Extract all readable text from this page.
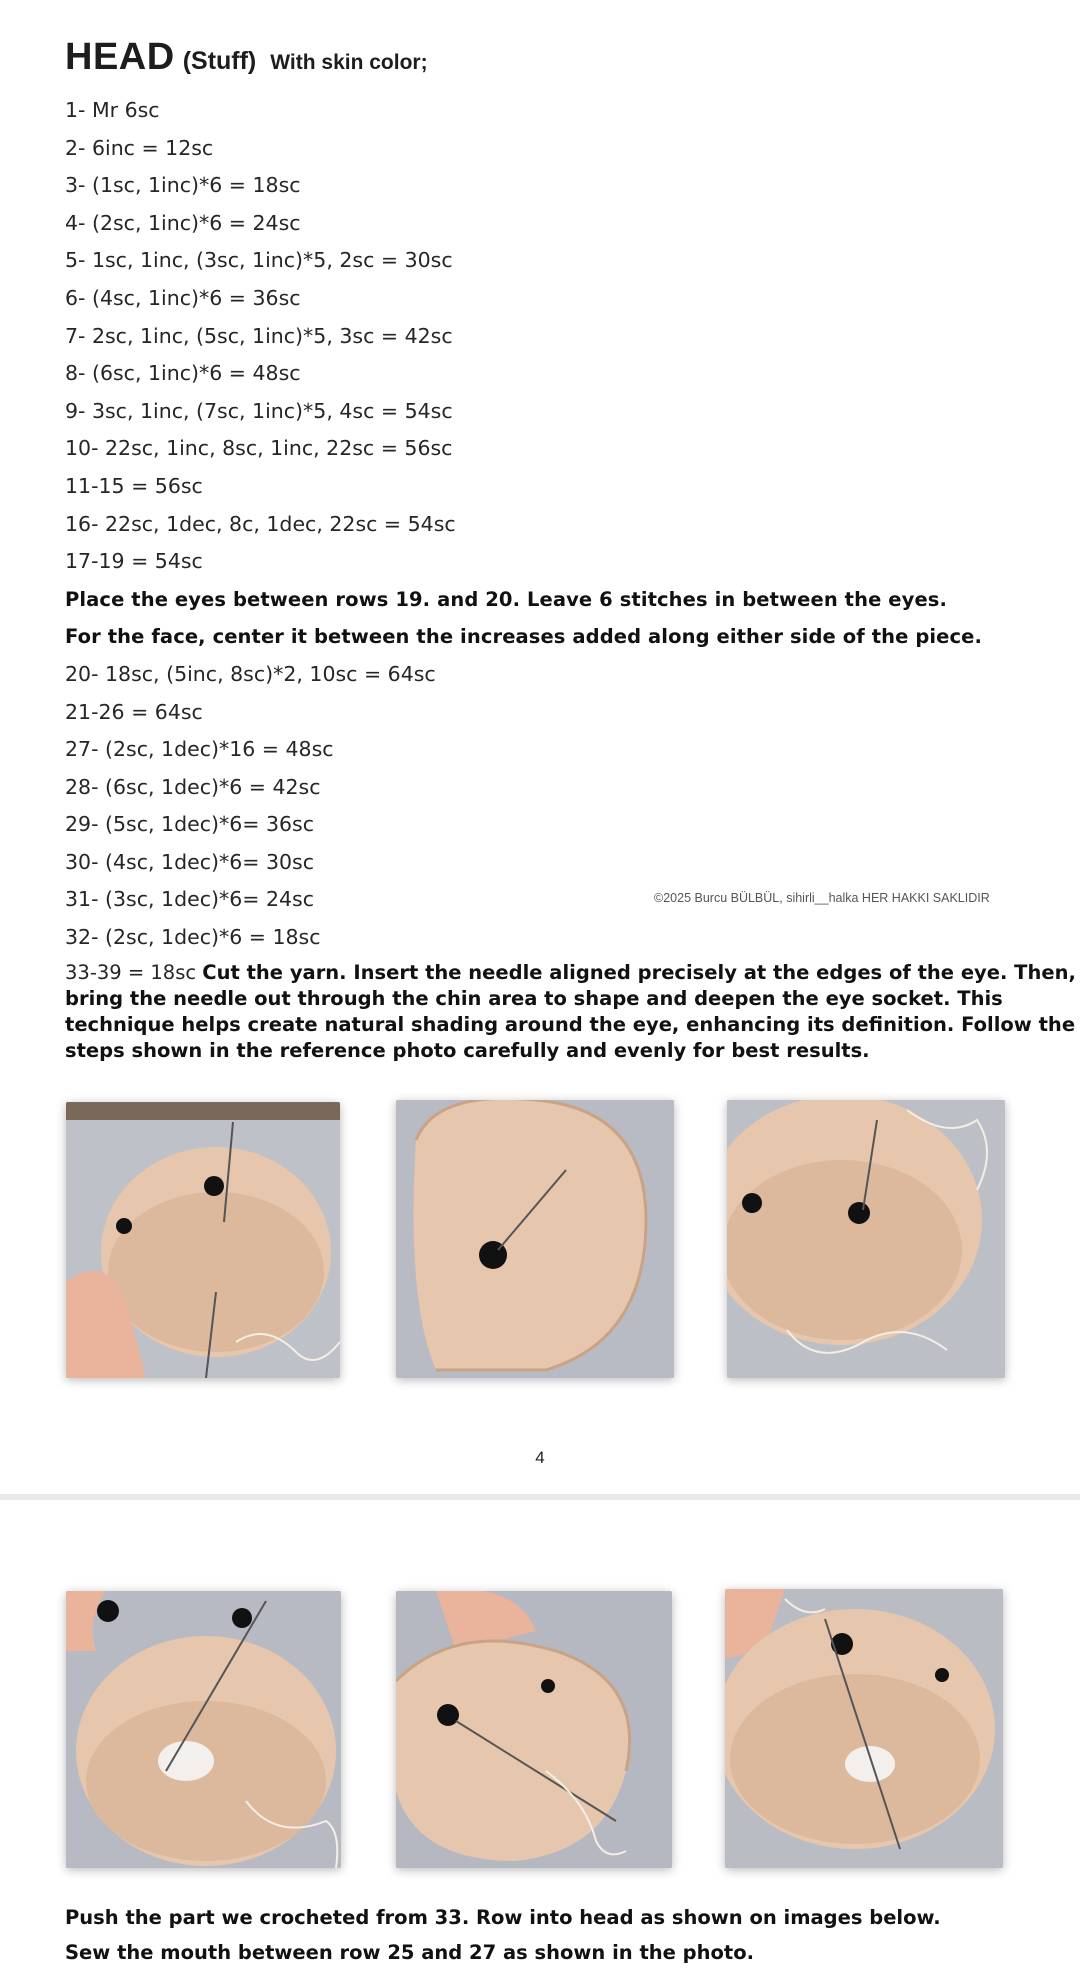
HEAD (Stuff) With skin color;
1- Mr 6sc
2- 6inc = 12sc
3- (1sc, 1inc)*6 = 18sc
4- (2sc, 1inc)*6 = 24sc
5- 1sc, 1inc, (3sc, 1inc)*5, 2sc = 30sc
6- (4sc, 1inc)*6 = 36sc
7- 2sc, 1inc, (5sc, 1inc)*5, 3sc = 42sc
8- (6sc, 1inc)*6 = 48sc
9- 3sc, 1inc, (7sc, 1inc)*5, 4sc = 54sc
10- 22sc, 1inc, 8sc, 1inc, 22sc = 56sc
11-15 = 56sc
16- 22sc, 1dec, 8c, 1dec, 22sc = 54sc
17-19 = 54sc
Place the eyes between rows 19. and 20. Leave 6 stitches in between the eyes.
For the face, center it between the increases added along either side of the piece.
20- 18sc, (5inc, 8sc)*2, 10sc = 64sc
21-26 = 64sc
27- (2sc, 1dec)*16 = 48sc
28- (6sc, 1dec)*6 = 42sc
29- (5sc, 1dec)*6= 36sc
30- (4sc, 1dec)*6= 30sc
31- (3sc, 1dec)*6= 24sc
32- (2sc, 1dec)*6 = 18sc
©2025 Burcu BÜLBÜL, sihirli__halka HER HAKKI SAKLIDIR
33-39 = 18sc Cut the yarn. Insert the needle aligned precisely at the edges of the eye. Then, bring the needle out through the chin area to shape and deepen the eye socket. This technique helps create natural shading around the eye, enhancing its definition. Follow the steps shown in the reference photo carefully and evenly for best results.
4
Push the part we crocheted from 33. Row into head as shown on images below.
Sew the mouth between row 25 and 27 as shown in the photo.
